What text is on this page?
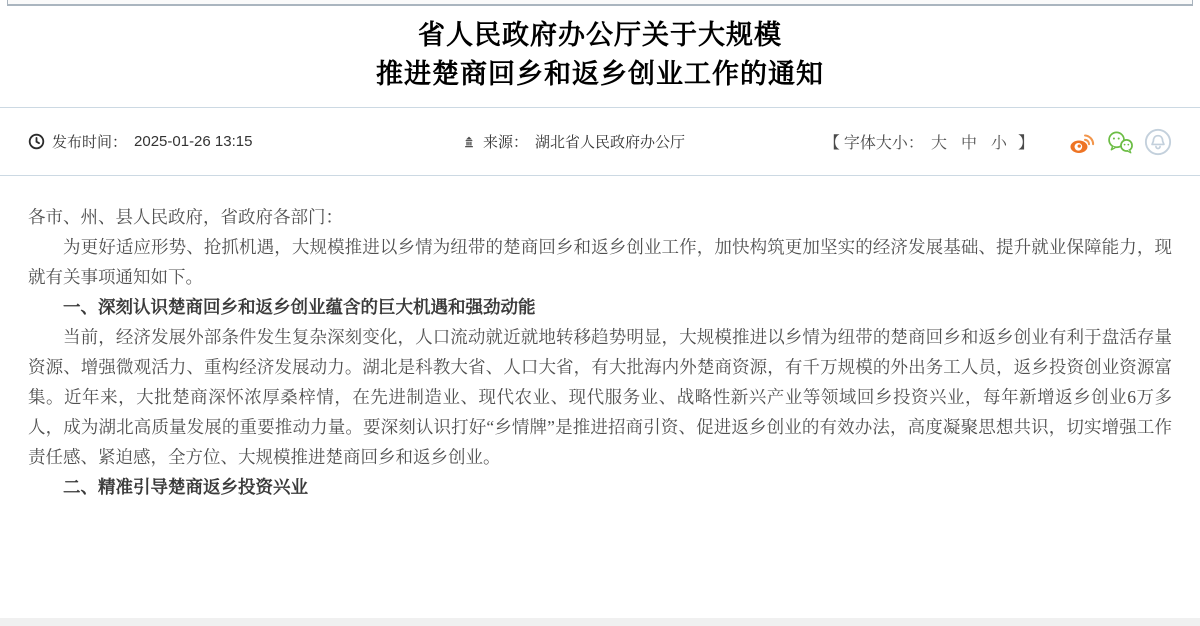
省人民政府办公厅关于大规模
推进楚商回乡和返乡创业工作的通知
发布时间： 2025-01-26 13:15	来源： 湖北省人民政府办公厅	【 字体大小： 大 中 小 】

各市、州、县人民政府，省政府各部门：

为更好适应形势、抢抓机遇，大规模推进以乡情为纽带的楚商回乡和返乡创业工作，加快构筑更加坚实的经济发展基础、提升就业保障能力，现就有关事项通知如下。

一、深刻认识楚商回乡和返乡创业蕴含的巨大机遇和强劲动能

当前，经济发展外部条件发生复杂深刻变化，人口流动就近就地转移趋势明显，大规模推进以乡情为纽带的楚商回乡和返乡创业有利于盘活存量资源、增强微观活力、重构经济发展动力。湖北是科教大省、人口大省，有大批海内外楚商资源，有千万规模的外出务工人员，返乡投资创业资源富集。近年来，大批楚商深怀浓厚桑梓情，在先进制造业、现代农业、现代服务业、战略性新兴产业等领域回乡投资兴业，每年新增返乡创业6万多人，成为湖北高质量发展的重要推动力量。要深刻认识打好“乡情牌”是推进招商引资、促进返乡创业的有效办法，高度凝聚思想共识，切实增强工作责任感、紧迫感，全方位、大规模推进楚商回乡和返乡创业。

二、精准引导楚商返乡投资兴业
